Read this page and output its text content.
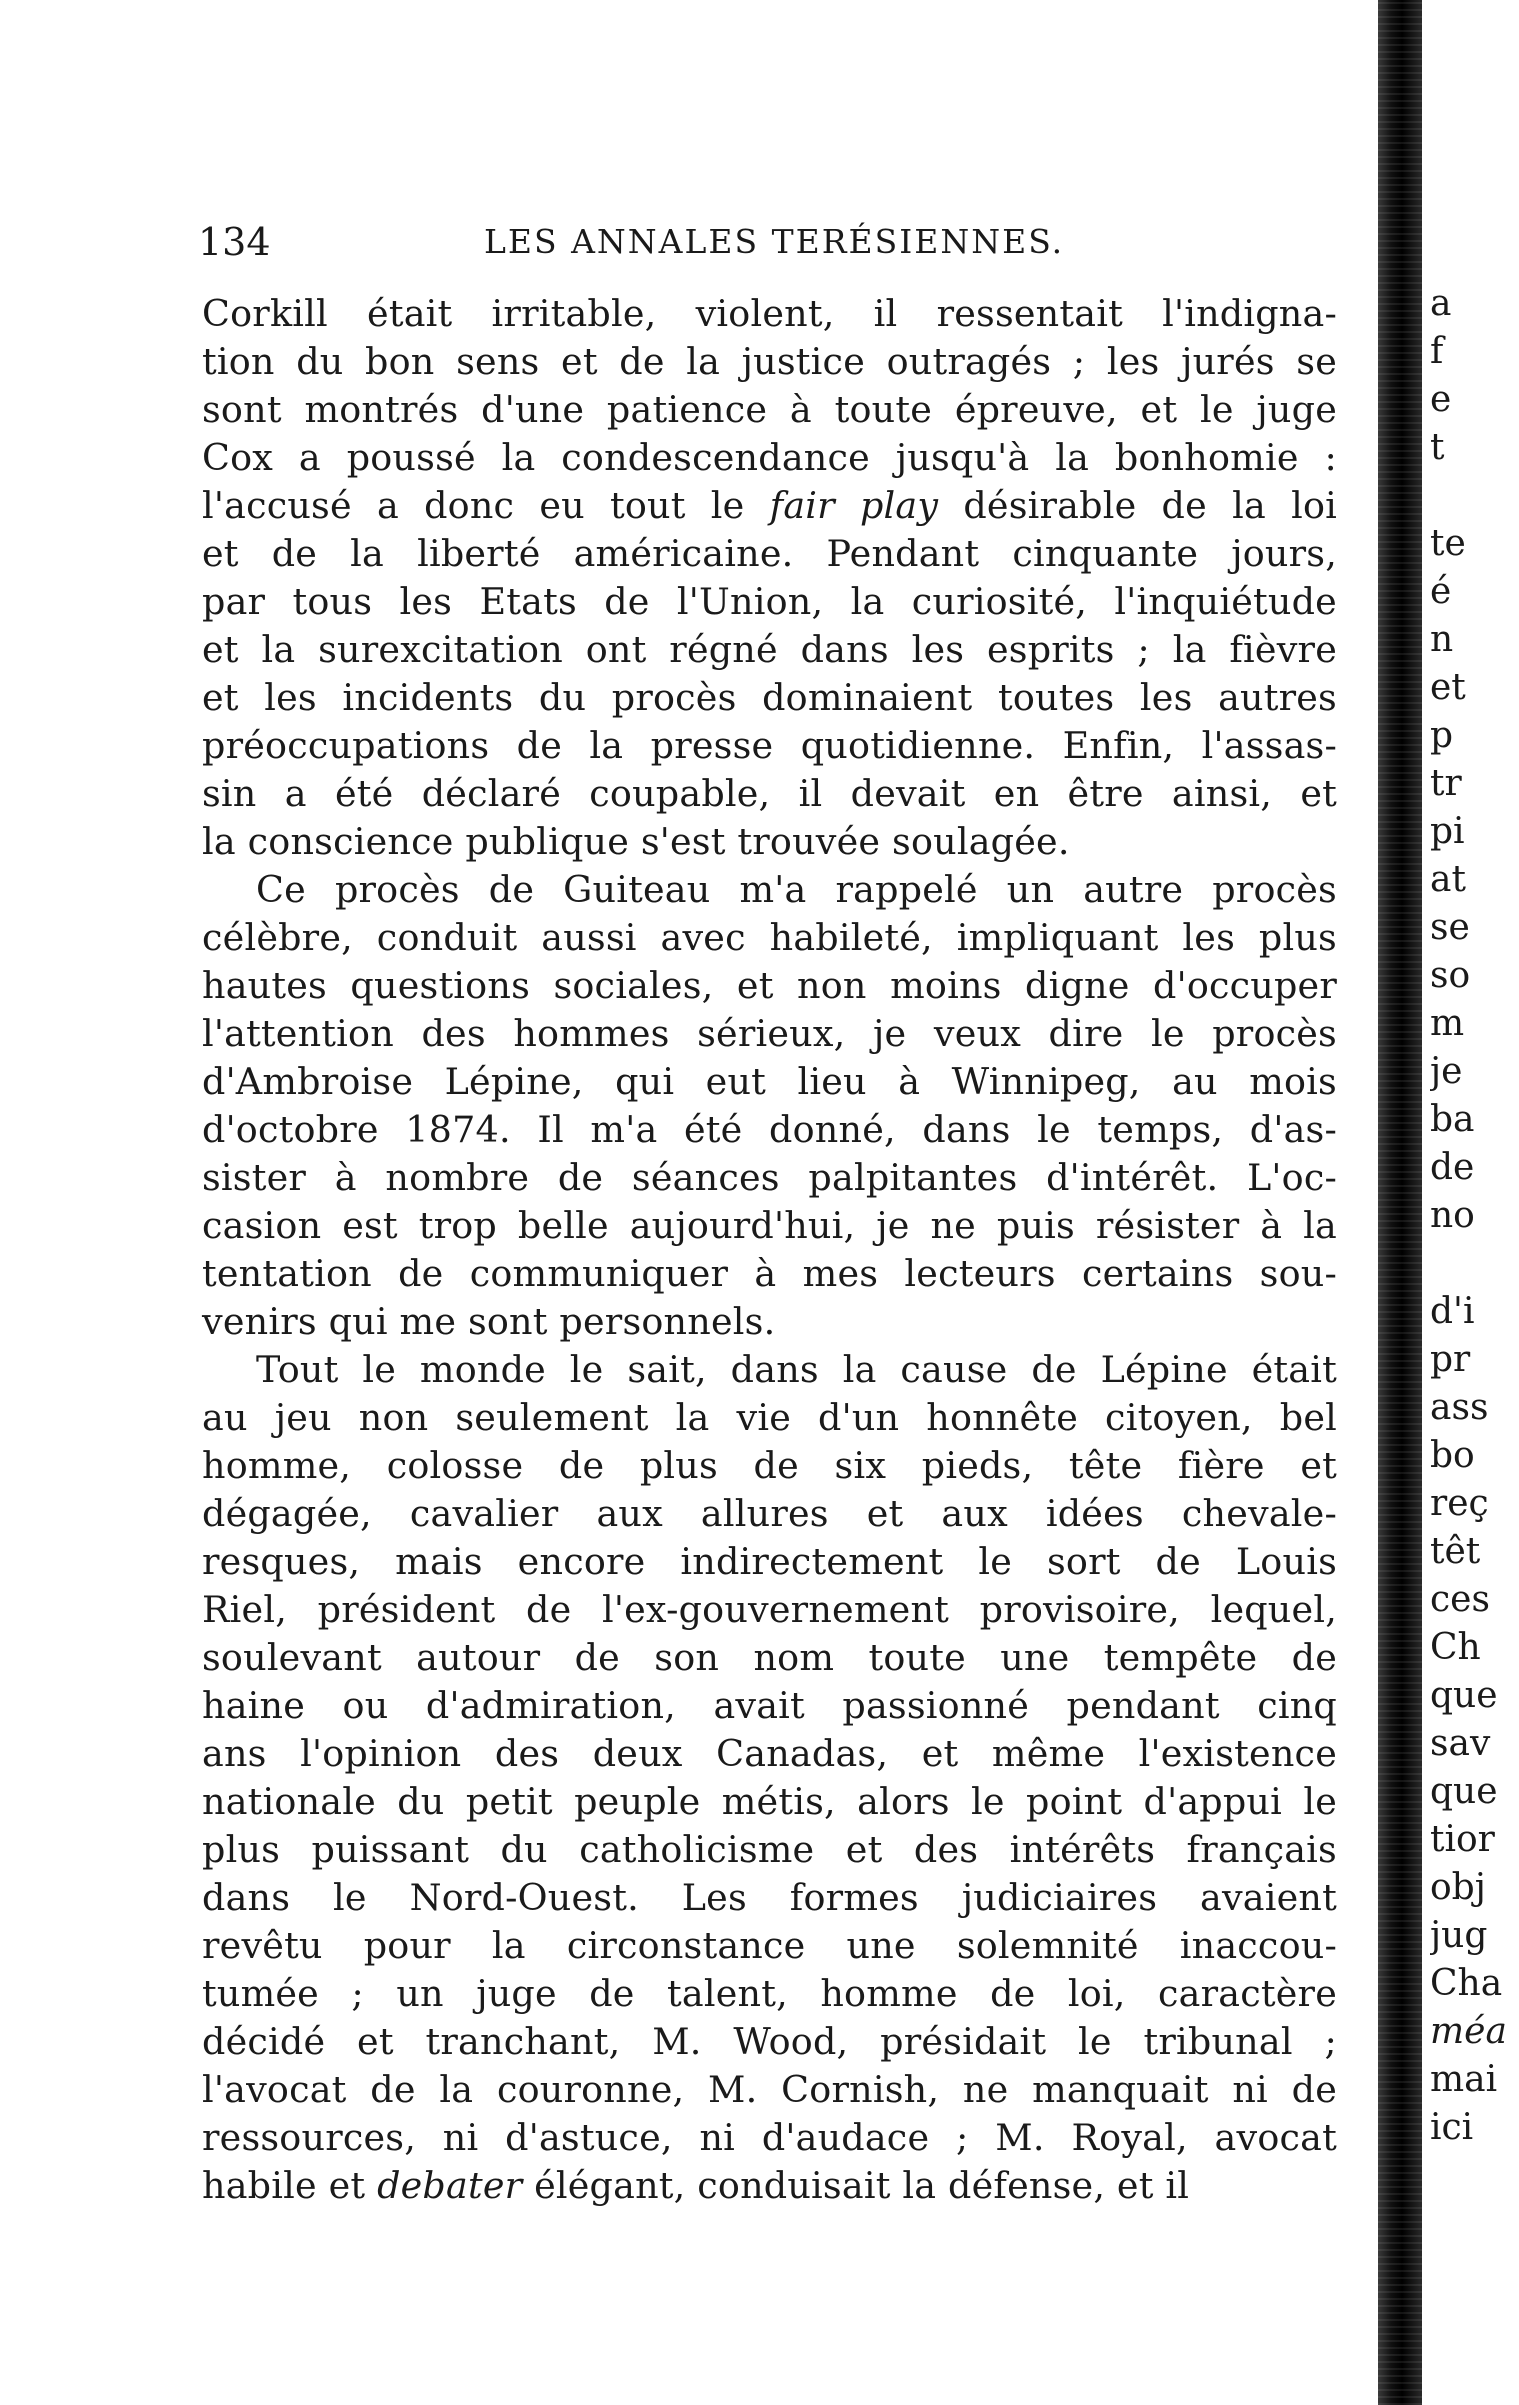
134	LES ANNALES TERÉSIENNES.
Corkill était irritable, violent, il ressentait l'indigna-
tion du bon sens et de la justice outragés ; les jurés se
sont montrés d'une patience à toute épreuve, et le juge
Cox a poussé la condescendance jusqu'à la bonhomie :
l'accusé a donc eu tout le fair play désirable de la loi
et de la liberté américaine. Pendant cinquante jours,
par tous les Etats de l'Union, la curiosité, l'inquiétude
et la surexcitation ont régné dans les esprits ; la fièvre
et les incidents du procès dominaient toutes les autres
préoccupations de la presse quotidienne. Enfin, l'assas-
sin a été déclaré coupable, il devait en être ainsi, et
la conscience publique s'est trouvée soulagée.
Ce procès de Guiteau m'a rappelé un autre procès
célèbre, conduit aussi avec habileté, impliquant les plus
hautes questions sociales, et non moins digne d'occuper
l'attention des hommes sérieux, je veux dire le procès
d'Ambroise Lépine, qui eut lieu à Winnipeg, au mois
d'octobre 1874. Il m'a été donné, dans le temps, d'as-
sister à nombre de séances palpitantes d'intérêt. L'oc-
casion est trop belle aujourd'hui, je ne puis résister à la
tentation de communiquer à mes lecteurs certains sou-
venirs qui me sont personnels.
Tout le monde le sait, dans la cause de Lépine était
au jeu non seulement la vie d'un honnête citoyen, bel
homme, colosse de plus de six pieds, tête fière et
dégagée, cavalier aux allures et aux idées chevale-
resques, mais encore indirectement le sort de Louis
Riel, président de l'ex-gouvernement provisoire, lequel,
soulevant autour de son nom toute une tempête de
haine ou d'admiration, avait passionné pendant cinq
ans l'opinion des deux Canadas, et même l'existence
nationale du petit peuple métis, alors le point d'appui le
plus puissant du catholicisme et des intérêts français
dans le Nord-Ouest. Les formes judiciaires avaient
revêtu pour la circonstance une solemnité inaccou-
tumée ; un juge de talent, homme de loi, caractère
décidé et tranchant, M. Wood, présidait le tribunal ;
l'avocat de la couronne, M. Cornish, ne manquait ni de
ressources, ni d'astuce, ni d'audace ; M. Royal, avocat
habile et debater élégant, conduisait la défense, et il
a
f
e
t
te
é
n
et
p
tr
pi
at
se
so
m
je
ba
de
no
d'i
pr
ass
bo
reç
têt
ces
Ch
que
sav
que
tior
obj
jug
Cha
méa
mai
ici
